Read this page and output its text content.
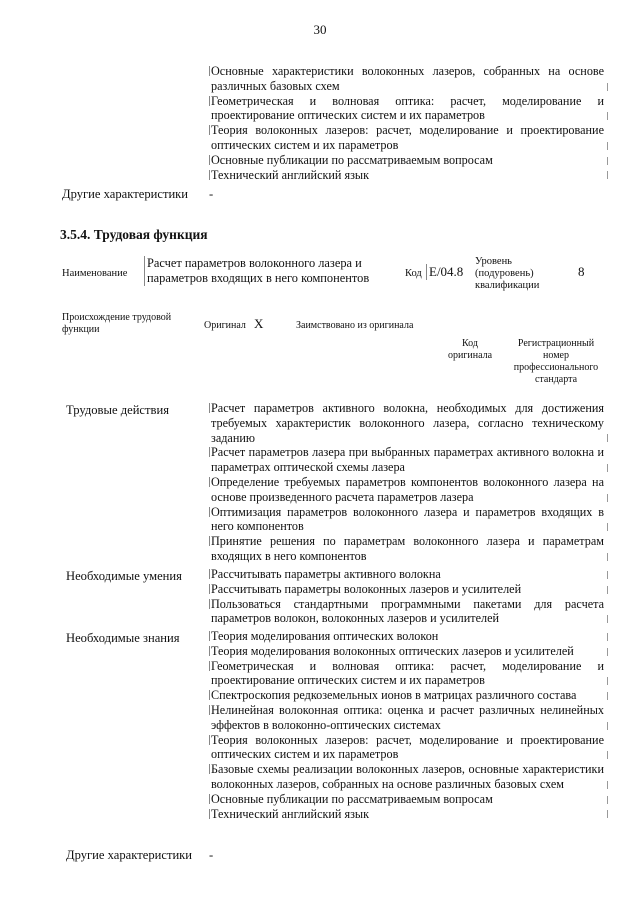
30
Основные характеристики волоконных лазеров, собранных на основе различных базовых схем
Геометрическая и волновая оптика: расчет, моделирование и проектирование оптических систем и их параметров
Теория волоконных лазеров: расчет, моделирование и проектирование оптических систем и их параметров
Основные публикации по рассматриваемым вопросам
Технический английский язык
Другие характеристики -
3.5.4. Трудовая функция
Наименование
Расчет параметров волоконного лазера и параметров входящих в него компонентов	Код E/04.8
Уровень (подуровень) квалификации
8
Происхождение трудовой функции	Оригинал X	Заимствовано из оригинала
Код оригинала
Регистрационный номер профессионального стандарта
Трудовые действия	Расчет параметров активного волокна, необходимых для достижения требуемых характеристик волоконного лазера, согласно техническому заданию
Расчет параметров лазера при выбранных параметрах активного волокна и параметрах оптической схемы лазера
Определение требуемых параметров компонентов волоконного лазера на основе произведенного расчета параметров лазера
Оптимизация параметров волоконного лазера и параметров входящих в него компонентов
Принятие решения по параметрам волоконного лазера и параметрам входящих в него компонентов
Необходимые умения Рассчитывать параметры активного волокна
Рассчитывать параметры волоконных лазеров и усилителей
Пользоваться стандартными программными пакетами для расчета параметров волокон, волоконных лазеров и усилителей
Необходимые знания	Теория моделирования оптических волокон
Теория моделирования волоконных оптических лазеров и усилителей
Геометрическая и волновая оптика: расчет, моделирование и проектирование оптических систем и их параметров
Спектроскопия редкоземельных ионов в матрицах различного состава
Нелинейная волоконная оптика: оценка и расчет различных нелинейных эффектов в волоконно-оптических системах
Теория волоконных лазеров: расчет, моделирование и проектирование оптических систем и их параметров
Базовые схемы реализации волоконных лазеров, основные характеристики волоконных лазеров, собранных на основе различных базовых схем
Основные публикации по рассматриваемым вопросам
Технический английский язык
Другие характеристики -
